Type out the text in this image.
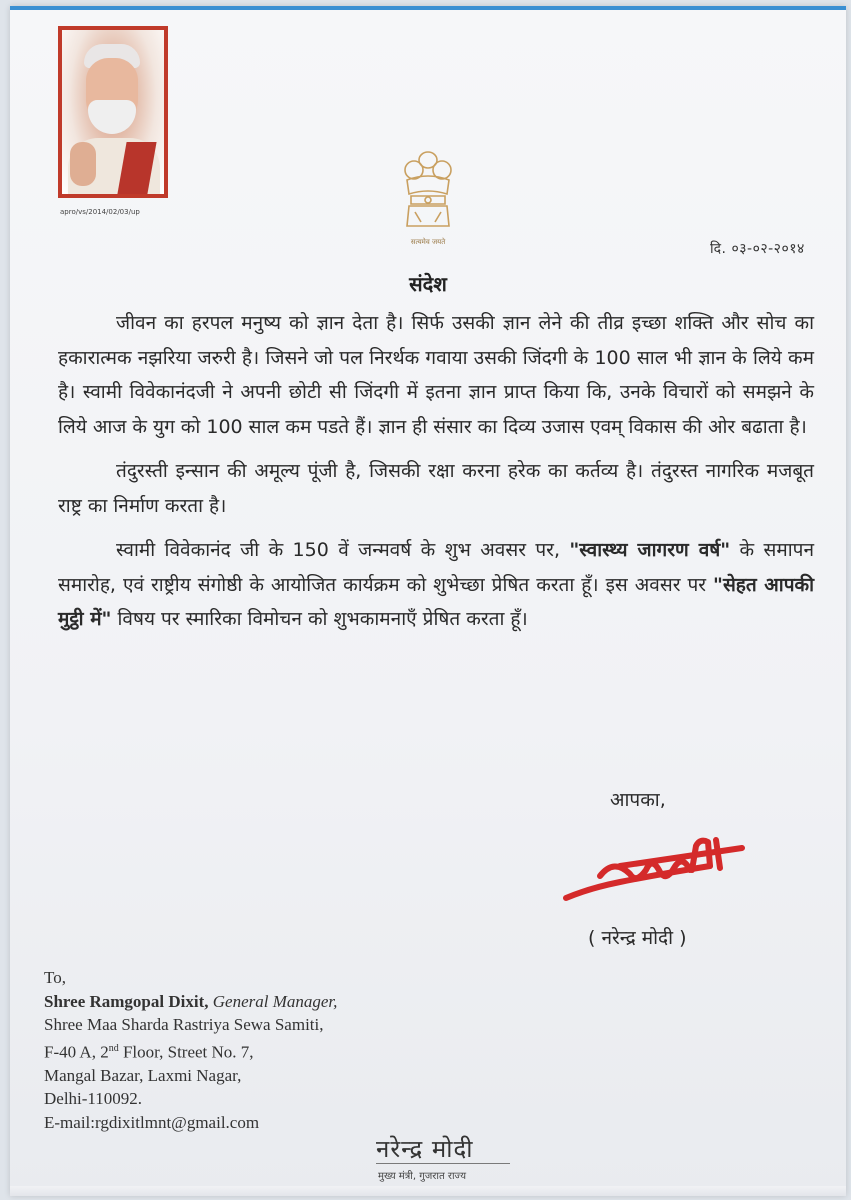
apro/vs/2014/02/03/up
सत्यमेव जयते	दि. ०३-०२-२०१४
संदेश

जीवन का हरपल मनुष्य को ज्ञान देता है। सिर्फ उसकी ज्ञान लेने की तीव्र इच्छा शक्ति और सोच का हकारात्मक नझरिया जरुरी है। जिसने जो पल निरर्थक गवाया उसकी जिंदगी के 100 साल भी ज्ञान के लिये कम है। स्वामी विवेकानंदजी ने अपनी छोटी सी जिंदगी में इतना ज्ञान प्राप्त किया कि, उनके विचारों को समझने के लिये आज के युग को 100 साल कम पडते हैं। ज्ञान ही संसार का दिव्य उजास एवम् विकास की ओर बढाता है।

तंदुरस्ती इन्सान की अमूल्य पूंजी है, जिसकी रक्षा करना हरेक का कर्तव्य है। तंदुरस्त नागरिक मजबूत राष्ट्र का निर्माण करता है।

स्वामी विवेकानंद जी के 150 वें जन्मवर्ष के शुभ अवसर पर, "स्वास्थ्य जागरण वर्ष" के समापन समारोह, एवं राष्ट्रीय संगोष्ठी के आयोजित कार्यक्रम को शुभेच्छा प्रेषित करता हूँ। इस अवसर पर "सेहत आपकी मुट्ठी में" विषय पर स्मारिका विमोचन को शुभकामनाएँ प्रेषित करता हूँ।

आपका,
( नरेन्द्र मोदी )

To,

Shree Ramgopal Dixit, General Manager,

Shree Maa Sharda Rastriya Sewa Samiti,

F-40 A, 2nd Floor, Street No. 7,

Mangal Bazar, Laxmi Nagar,

Delhi-110092.

E-mail:rgdixitlmnt@gmail.com

नरेन्द्र मोदी
मुख्य मंत्री, गुजरात राज्य
